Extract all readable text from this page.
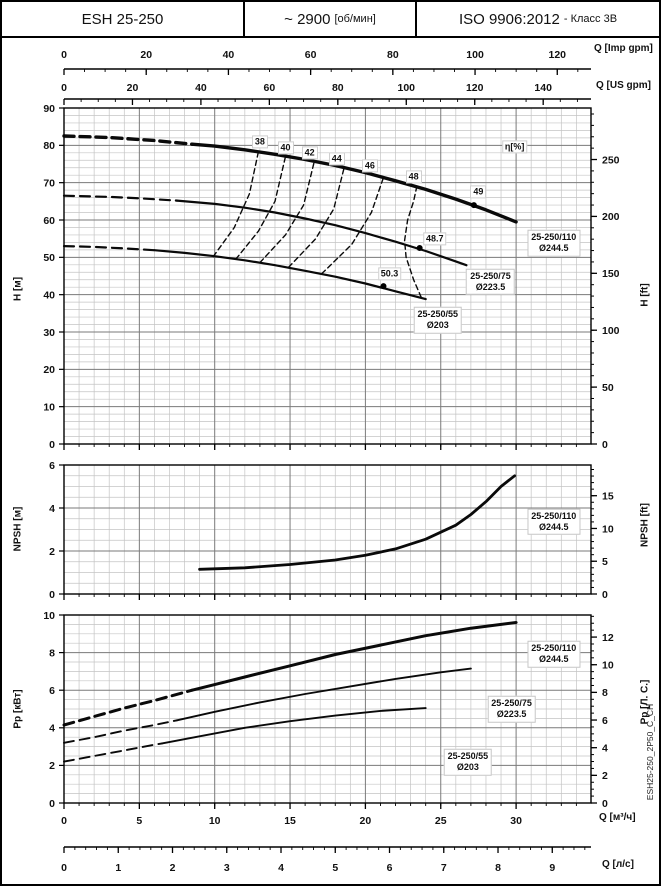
ESH 25-250	~ 2900 [об/мин]	ISO 9906:2012 - Класс 3В
0
10
20
30
40
50
60
70
80
90
0
50
100
150
200
250
0
2
4
6
0
5
10
15
0
2
4
6
8
10
0
2
4
6
8
10
12
0	20	40	60	80	100	120
0	20	40	60	80	100	120	140
0	5	10	15	20	25	30
0	1	2	3	4	5	6	7	8	9
38
40 42
44
46
48
η[%]
49
48.7
50.3
25-250/110
Ø244.5
25-250/75
Ø223.5
25-250/55
Ø203
25-250/110
Ø244.5
25-250/110
Ø244.5
25-250/75
Ø223.5
25-250/55
Ø203
Q [Imp gpm]
Q [US gpm]
Q [м³/ч]
Q [л/с]
H [м]	H [ft]
NPSH [м]	NPSH [ft]
Pp [кВт]	Pp [Л. С.]
ESH25-250_2P50_C_CH
